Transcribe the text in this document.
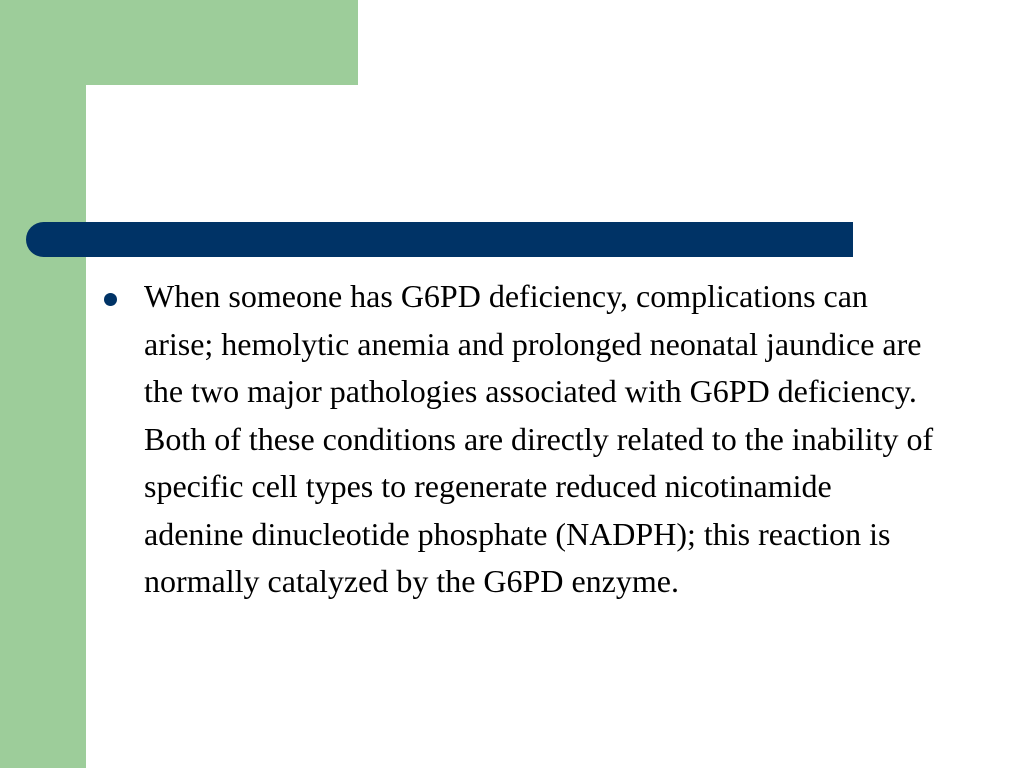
When someone has G6PD deficiency, complications can arise; hemolytic anemia and prolonged neonatal jaundice are the two major pathologies associated with G6PD deficiency. Both of these conditions are directly related to the inability of specific cell types to regenerate reduced nicotinamide adenine dinucleotide phosphate (NADPH); this reaction is normally catalyzed by the G6PD enzyme.
